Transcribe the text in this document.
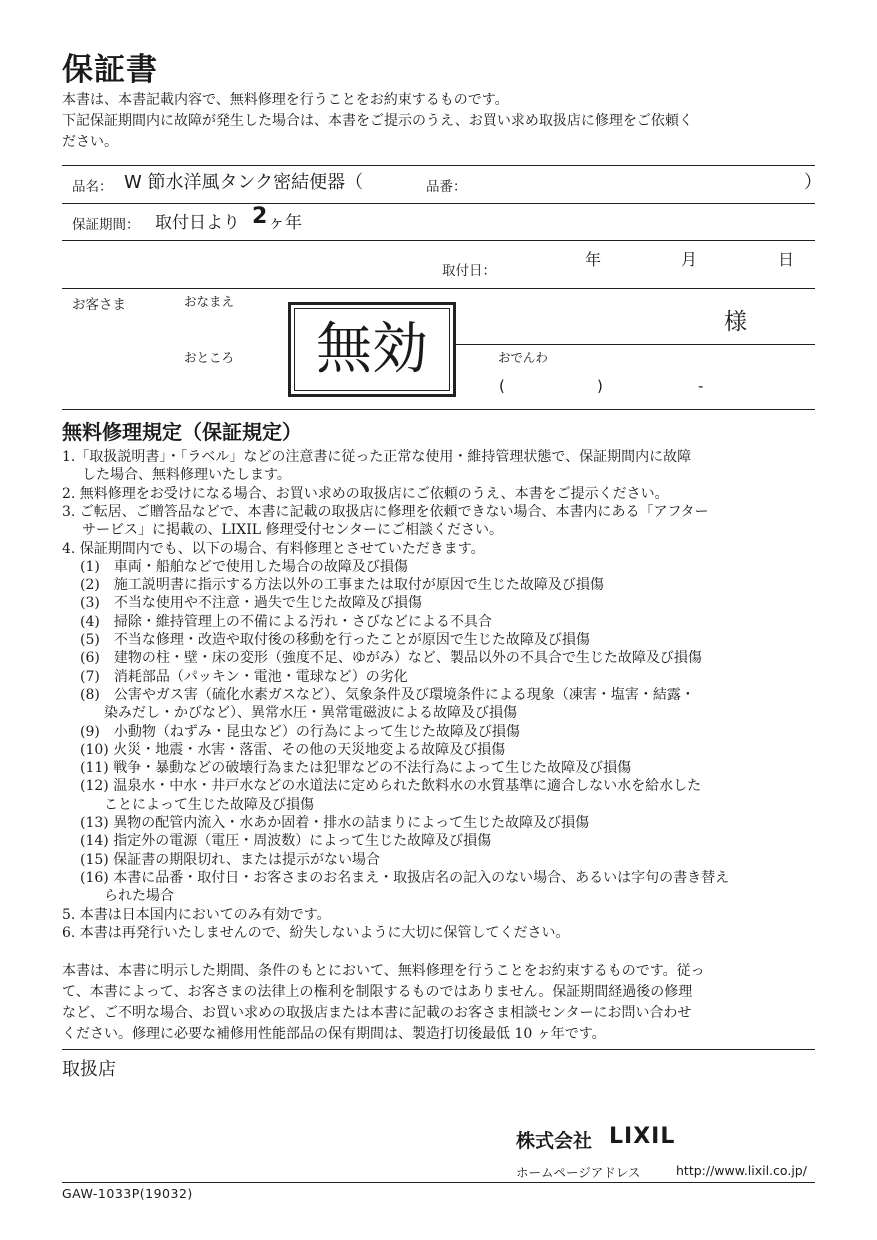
保証書
本書は、本書記載内容で、無料修理を行うことをお約束するものです。
下記保証期間内に故障が発生した場合は、本書をご提示のうえ、お買い求め取扱店に修理をご依頼く
ださい。
品名： W 節水洋風タンク密結便器（	品番：	）
保証期間： 取付日より 2 ヶ年
取付日：
年	月	日
お客さま	おなまえ
様
おところ	おでんわ
(	)	-
無効
無料修理規定（保証規定）
1.「取扱説明書」・「ラベル」などの注意書に従った正常な使用・維持管理状態で、保証期間内に故障
した場合、無料修理いたします。
2. 無料修理をお受けになる場合、お買い求めの取扱店にご依頼のうえ、本書をご提示ください。
3. ご転居、ご贈答品などで、本書に記載の取扱店に修理を依頼できない場合、本書内にある「アフター
サービス」に掲載の、LIXIL 修理受付センターにご相談ください。
4. 保証期間内でも、以下の場合、有料修理とさせていただきます。
(1)　車両・船舶などで使用した場合の故障及び損傷
(2)　施工説明書に指示する方法以外の工事または取付が原因で生じた故障及び損傷
(3)　不当な使用や不注意・過失で生じた故障及び損傷
(4)　掃除・維持管理上の不備による汚れ・さびなどによる不具合
(5)　不当な修理・改造や取付後の移動を行ったことが原因で生じた故障及び損傷
(6)　建物の柱・壁・床の変形（強度不足、ゆがみ）など、製品以外の不具合で生じた故障及び損傷
(7)　消耗部品（パッキン・電池・電球など）の劣化
(8)　公害やガス害（硫化水素ガスなど）、気象条件及び環境条件による現象（凍害・塩害・結露・
染みだし・かびなど）、異常水圧・異常電磁波による故障及び損傷
(9)　小動物（ねずみ・昆虫など）の行為によって生じた故障及び損傷
(10) 火災・地震・水害・落雷、その他の天災地変よる故障及び損傷
(11) 戦争・暴動などの破壊行為または犯罪などの不法行為によって生じた故障及び損傷
(12) 温泉水・中水・井戸水などの水道法に定められた飲料水の水質基準に適合しない水を給水した
ことによって生じた故障及び損傷
(13) 異物の配管内流入・水あか固着・排水の詰まりによって生じた故障及び損傷
(14) 指定外の電源（電圧・周波数）によって生じた故障及び損傷
(15) 保証書の期限切れ、または提示がない場合
(16) 本書に品番・取付日・お客さまのお名まえ・取扱店名の記入のない場合、あるいは字句の書き替え
られた場合
5. 本書は日本国内においてのみ有効です。
6. 本書は再発行いたしませんので、紛失しないように大切に保管してください。
本書は、本書に明示した期間、条件のもとにおいて、無料修理を行うことをお約束するものです。従っ
て、本書によって、お客さまの法律上の権利を制限するものではありません。保証期間経過後の修理
など、ご不明な場合、お買い求めの取扱店または本書に記載のお客さま相談センターにお問い合わせ
ください。修理に必要な補修用性能部品の保有期間は、製造打切後最低 10 ヶ年です。
取扱店
株式会社 LIXIL
ホームページアドレス	http://www.lixil.co.jp/
GAW-1033P(19032)
